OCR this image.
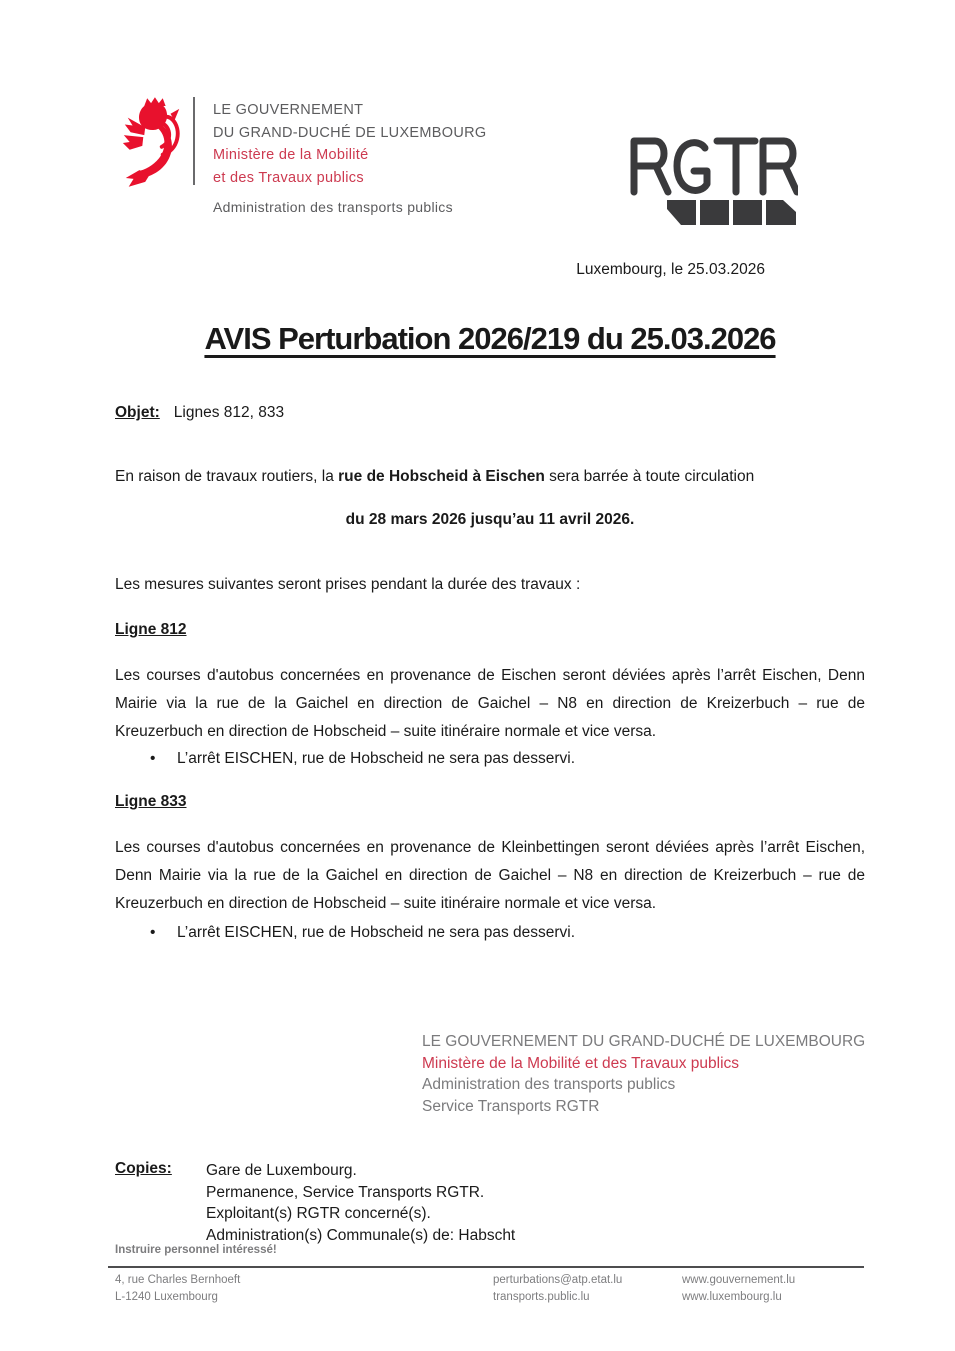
LE GOUVERNEMENT
DU GRAND-DUCHÉ DE LUXEMBOURG
Ministère de la Mobilité
et des Travaux publics
Administration des transports publics
Luxembourg, le 25.03.2026
AVIS Perturbation 2026/219 du 25.03.2026
Objet: Lignes 812, 833
En raison de travaux routiers, la rue de Hobscheid à Eischen sera barrée à toute circulation
du 28 mars 2026 jusqu’au 11 avril 2026.
Les mesures suivantes seront prises pendant la durée des travaux :
Ligne 812
Les courses d'autobus concernées en provenance de Eischen seront déviées après l’arrêt Eischen, Denn Mairie via la rue de la Gaichel en direction de Gaichel – N8 en direction de Kreizerbuch – rue de Kreuzerbuch en direction de Hobscheid – suite itinéraire normale et vice versa.
• L’arrêt EISCHEN, rue de Hobscheid ne sera pas desservi.
Ligne 833
Les courses d'autobus concernées en provenance de Kleinbettingen seront déviées après l’arrêt Eischen, Denn Mairie via la rue de la Gaichel en direction de Gaichel – N8 en direction de Kreizerbuch – rue de Kreuzerbuch en direction de Hobscheid – suite itinéraire normale et vice versa.
• L’arrêt EISCHEN, rue de Hobscheid ne sera pas desservi.
LE GOUVERNEMENT DU GRAND-DUCHÉ DE LUXEMBOURG
Ministère de la Mobilité et des Travaux publics
Administration des transports publics
Service Transports RGTR
Copies:	Gare de Luxembourg.
Permanence, Service Transports RGTR.
Exploitant(s) RGTR concerné(s).
Administration(s) Communale(s) de: Habscht
Instruire personnel intéressé!
4, rue Charles Bernhoeft
L-1240 Luxembourg
perturbations@atp.etat.lu
transports.public.lu
www.gouvernement.lu
www.luxembourg.lu
